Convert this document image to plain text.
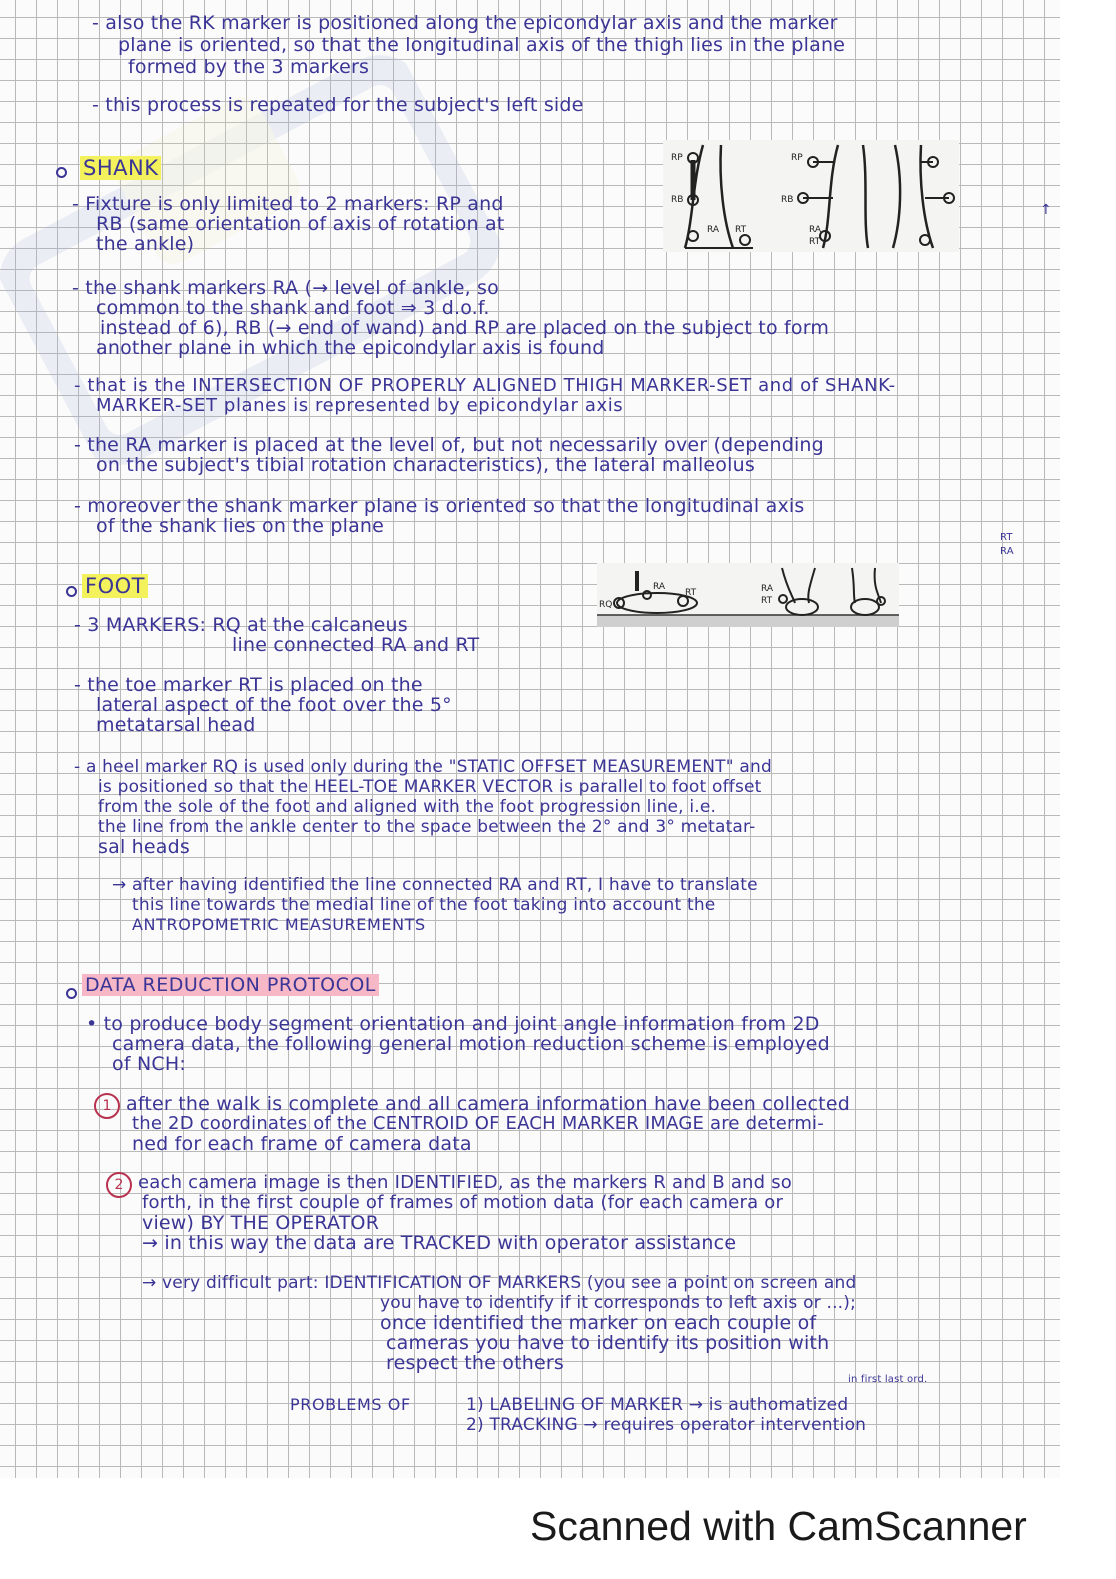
- also the RK marker is positioned along the epicondylar axis and the marker
plane is oriented, so that the longitudinal axis of the thigh lies in the plane
formed by the 3 markers
- this process is repeated for the subject's left side
SHANK	RP
RB
RA RT
RP
RB
RA
RT
- Fixture is only limited to 2 markers: RP and
RB (same orientation of axis of rotation at
the ankle)
- the shank markers RA (→ level of ankle, so
common to the shank and foot ⇒ 3 d.o.f.
instead of 6), RB (→ end of wand) and RP are placed on the subject to form
another plane in which the epicondylar axis is found
- that is the INTERSECTION OF PROPERLY ALIGNED THIGH MARKER-SET and of SHANK-
MARKER-SET planes is represented by epicondylar axis
- the RA marker is placed at the level of, but not necessarily over (depending
on the subject's tibial rotation characteristics), the lateral malleolus
- moreover the shank marker plane is oriented so that the longitudinal axis
of the shank lies on the plane
↑
RT
RA
FOOT
RQ
RA
RT	RA
RT
- 3 MARKERS: RQ at the calcaneus
line connected RA and RT
- the toe marker RT is placed on the
lateral aspect of the foot over the 5°
metatarsal head
- a heel marker RQ is used only during the "STATIC OFFSET MEASUREMENT" and
is positioned so that the HEEL-TOE MARKER VECTOR is parallel to foot offset
from the sole of the foot and aligned with the foot progression line, i.e.
the line from the ankle center to the space between the 2° and 3° metatar-
sal heads
→ after having identified the line connected RA and RT, I have to translate
this line towards the medial line of the foot taking into account the
ANTROPOMETRIC MEASUREMENTS
DATA REDUCTION PROTOCOL
• to produce body segment orientation and joint angle information from 2D
camera data, the following general motion reduction scheme is employed
of NCH:
1 after the walk is complete and all camera information have been collected
the 2D coordinates of the CENTROID OF EACH MARKER IMAGE are determi-
ned for each frame of camera data
2 each camera image is then IDENTIFIED, as the markers R and B and so
forth, in the first couple of frames of motion data (for each camera or
view) BY THE OPERATOR
→ in this way the data are TRACKED with operator assistance
→ very difficult part: IDENTIFICATION OF MARKERS (you see a point on screen and
you have to identify if it corresponds to left axis or ...);
once identified the marker on each couple of
cameras you have to identify its position with
respect the others
in first last ord.
PROBLEMS OF	1) LABELING OF MARKER → is authomatized
2) TRACKING → requires operator intervention
Scanned with CamScanner
